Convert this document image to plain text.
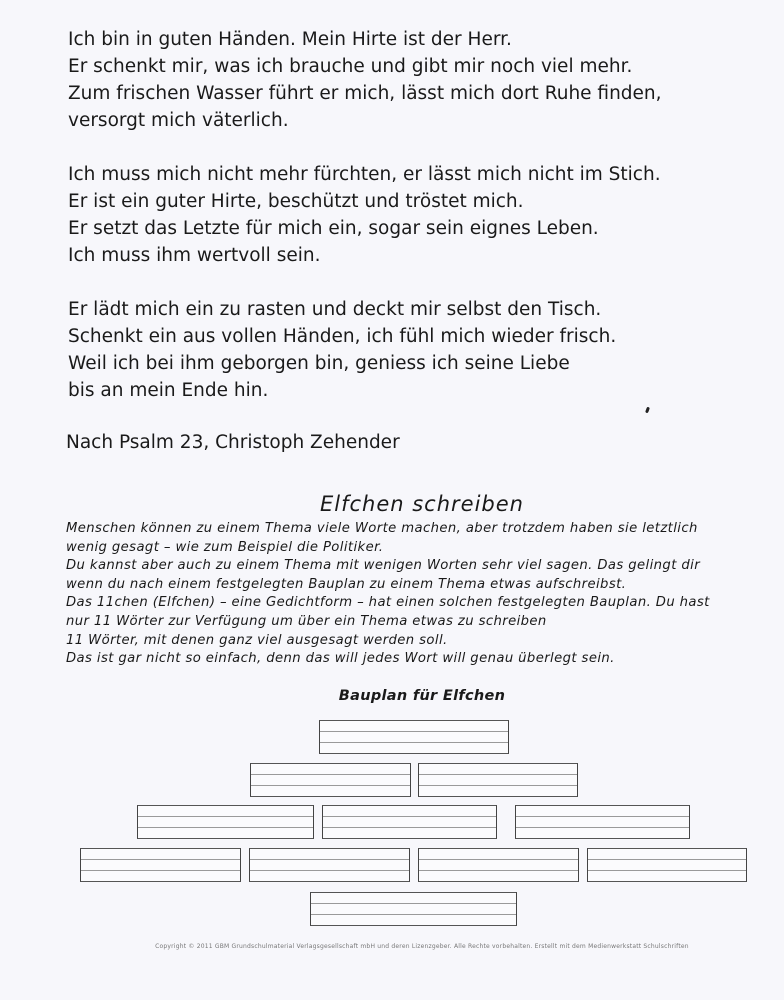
Ich bin in guten Händen. Mein Hirte ist der Herr.
Er schenkt mir, was ich brauche und gibt mir noch viel mehr.
Zum frischen Wasser führt er mich, lässt mich dort Ruhe finden,
versorgt mich väterlich.
Ich muss mich nicht mehr fürchten, er lässt mich nicht im Stich.
Er ist ein guter Hirte, beschützt und tröstet mich.
Er setzt das Letzte für mich ein, sogar sein eignes Leben.
Ich muss ihm wertvoll sein.
Er lädt mich ein zu rasten und deckt mir selbst den Tisch.
Schenkt ein aus vollen Händen, ich fühl mich wieder frisch.
Weil ich bei ihm geborgen bin, geniess ich seine Liebe
bis an mein Ende hin.
Nach Psalm 23, Christoph Zehender
Elfchen schreiben
Menschen können zu einem Thema viele Worte machen, aber trotzdem haben sie letztlich
wenig gesagt – wie zum Beispiel die Politiker.
Du kannst aber auch zu einem Thema mit wenigen Worten sehr viel sagen. Das gelingt dir
wenn du nach einem festgelegten Bauplan zu einem Thema etwas aufschreibst.
Das 11chen (Elfchen) – eine Gedichtform – hat einen solchen festgelegten Bauplan. Du hast
nur 11 Wörter zur Verfügung um über ein Thema etwas zu schreiben
11 Wörter, mit denen ganz viel ausgesagt werden soll.
Das ist gar nicht so einfach, denn das will jedes Wort will genau überlegt sein.
Bauplan für Elfchen
Copyright © 2011 GBM Grundschulmaterial Verlagsgesellschaft mbH und deren Lizenzgeber. Alle Rechte vorbehalten. Erstellt mit dem Medienwerkstatt Schulschriften
